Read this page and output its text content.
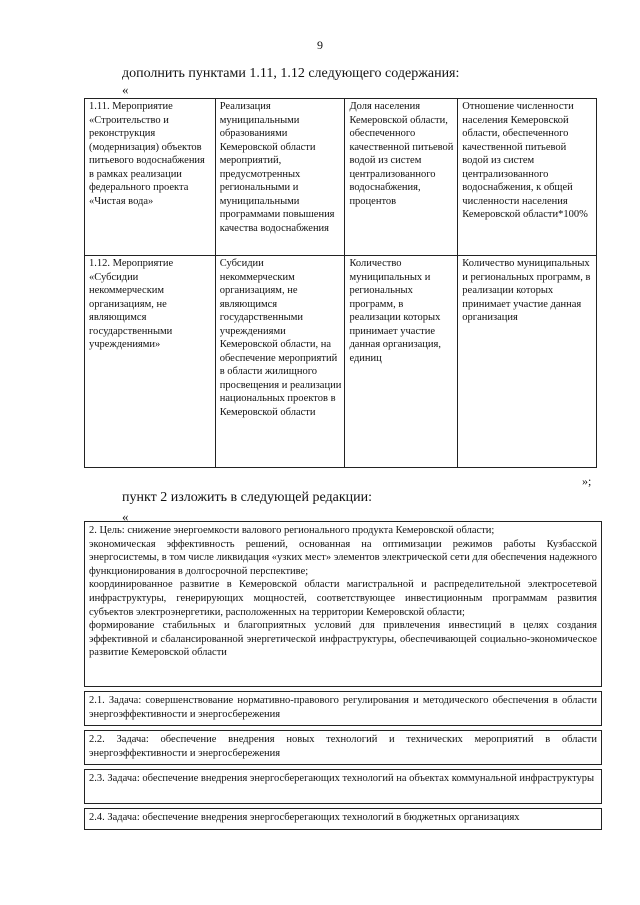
9
дополнить пунктами 1.11, 1.12 следующего содержания:
«
1.11. Мероприятие «Строительство и реконструкция (модернизация) объектов питьевого водоснабжения в рамках реализации федерального проекта «Чистая вода»	Реализация муниципальными образованиями Кемеровской области мероприятий, предусмотренных региональными и муниципальными программами повышения качества водоснабжения	Доля населения Кемеровской области, обеспеченного качественной питьевой водой из систем централизованного водоснабжения, процентов	Отношение численности населения Кемеровской области, обеспеченного качественной питьевой водой из систем централизованного водоснабжения, к общей численности населения Кемеровской области*100%
1.12. Мероприятие «Субсидии некоммерческим организациям, не являющимся государственными учреждениями»	Субсидии некоммерческим организациям, не являющимся государственными учреждениями Кемеровской области, на обеспечение мероприятий в области жилищного просвещения и реализации национальных проектов в Кемеровской области	Количество муниципальных и региональных программ, в реализации которых принимает участие данная организация, единиц	Количество муниципальных и региональных программ, в реализации которых принимает участие данная организация
»;
пункт 2 изложить в следующей редакции:
«

2. Цель: снижение энергоемкости валового регионального продукта Кемеровской области;

экономическая эффективность решений, основанная на оптимизации режимов работы Кузбасской энергосистемы, в том числе ликвидация «узких мест» элементов электрической сети для обеспечения надежного функционирования в долгосрочной перспективе;

координированное развитие в Кемеровской области магистральной и распределительной электросетевой инфраструктуры, генерирующих мощностей, соответствующее инвестиционным программам развития субъектов электроэнергетики, расположенных на территории Кемеровской области;

формирование стабильных и благоприятных условий для привлечения инвестиций в целях создания эффективной и сбалансированной энергетической инфраструктуры, обеспечивающей социально-экономическое развитие Кемеровской области

2.1. Задача: совершенствование нормативно-правового регулирования и методического обеспечения в области энергоэффективности и энергосбережения

2.2. Задача: обеспечение внедрения новых технологий и технических мероприятий в области энергоэффективности и энергосбережения

2.3. Задача: обеспечение внедрения энергосберегающих технологий на объектах коммунальной инфраструктуры

2.4. Задача: обеспечение внедрения энергосберегающих технологий в бюджетных организациях
